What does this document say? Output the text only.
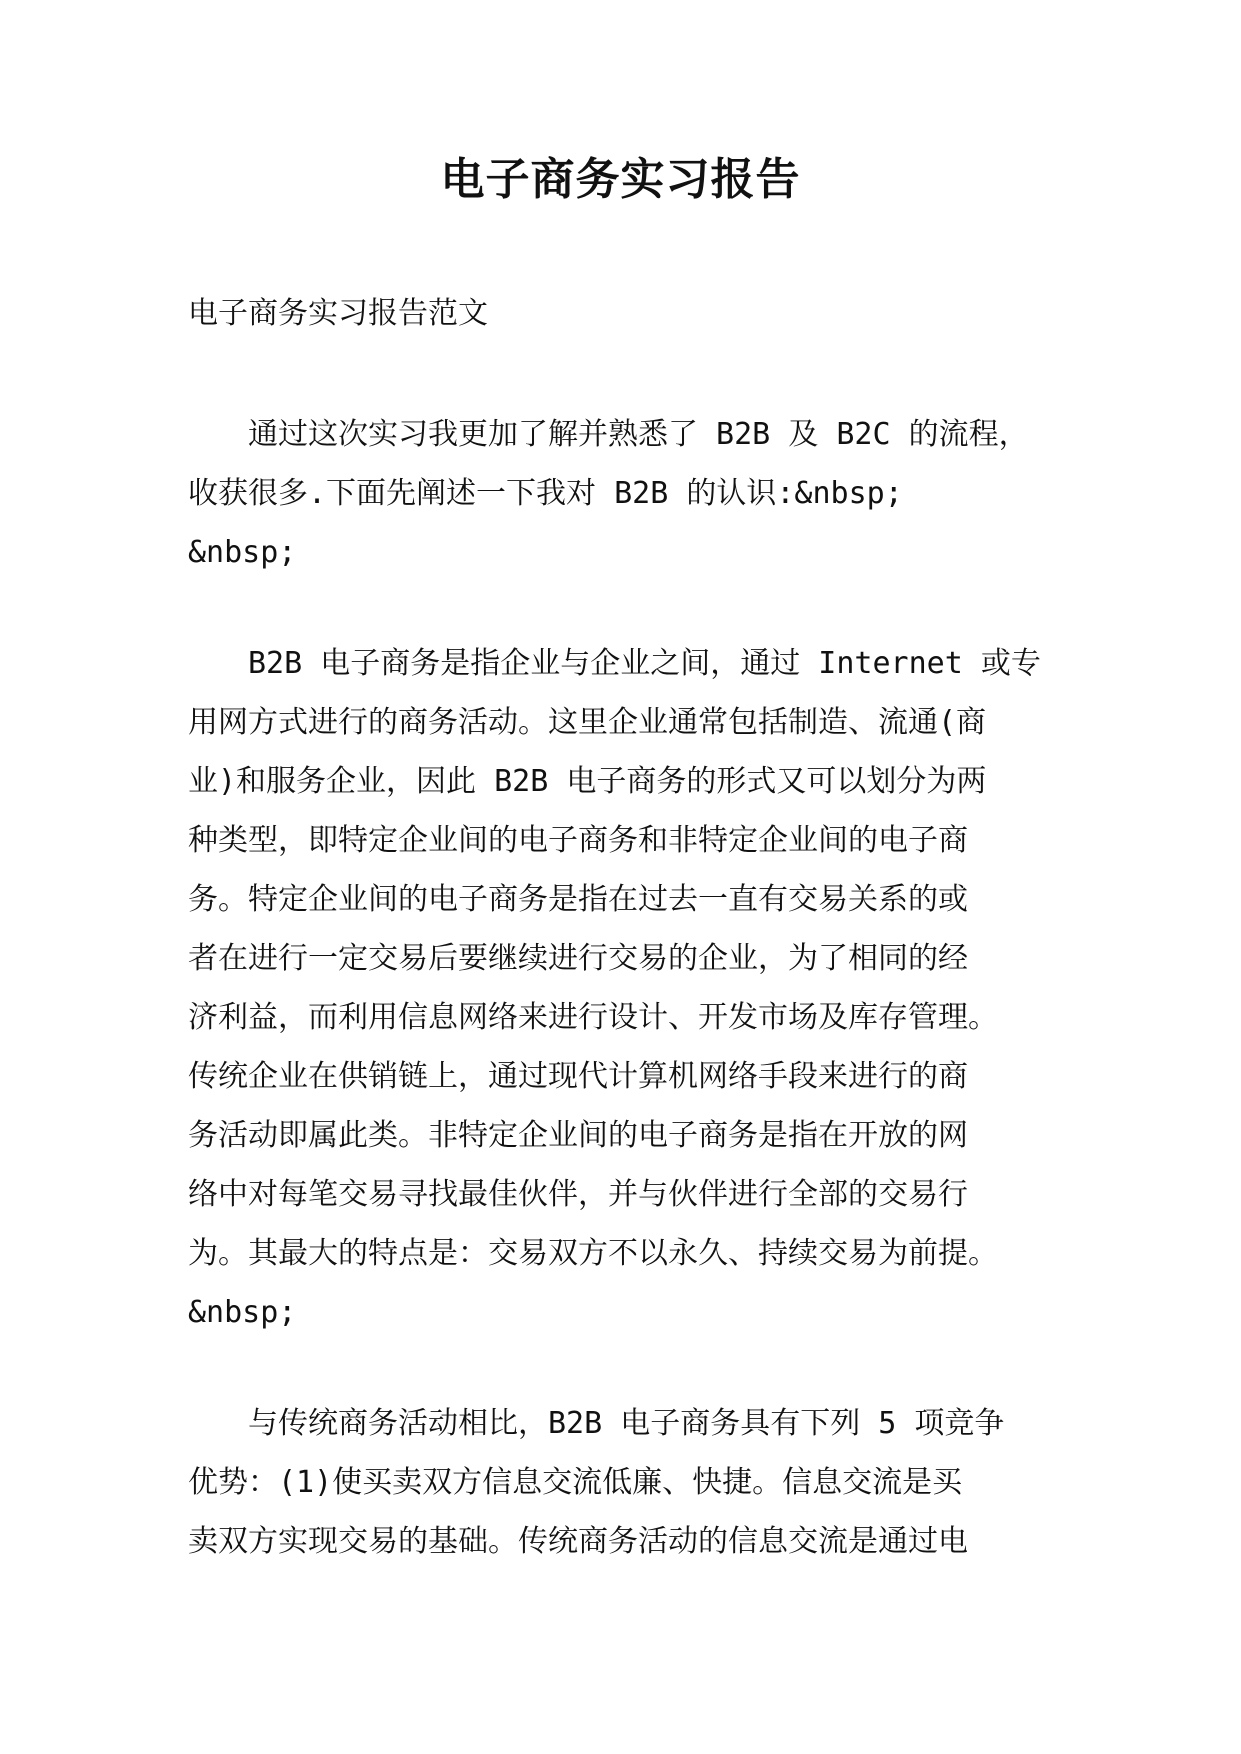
电子商务实习报告

电子商务实习报告范文

通过这次实习我更加了解并熟悉了 B2B 及 B2C 的流程，
收获很多.下面先阐述一下我对 B2B 的认识:&nbsp;
&nbsp;
B2B 电子商务是指企业与企业之间，通过 Internet 或专
用网方式进行的商务活动。这里企业通常包括制造、流通(商
业)和服务企业，因此 B2B 电子商务的形式又可以划分为两
种类型，即特定企业间的电子商务和非特定企业间的电子商
务。特定企业间的电子商务是指在过去一直有交易关系的或
者在进行一定交易后要继续进行交易的企业，为了相同的经
济利益，而利用信息网络来进行设计、开发市场及库存管理。
传统企业在供销链上，通过现代计算机网络手段来进行的商
务活动即属此类。非特定企业间的电子商务是指在开放的网
络中对每笔交易寻找最佳伙伴，并与伙伴进行全部的交易行
为。其最大的特点是：交易双方不以永久、持续交易为前提。
&nbsp;
与传统商务活动相比，B2B 电子商务具有下列 5 项竞争
优势：(1)使买卖双方信息交流低廉、快捷。信息交流是买
卖双方实现交易的基础。传统商务活动的信息交流是通过电
